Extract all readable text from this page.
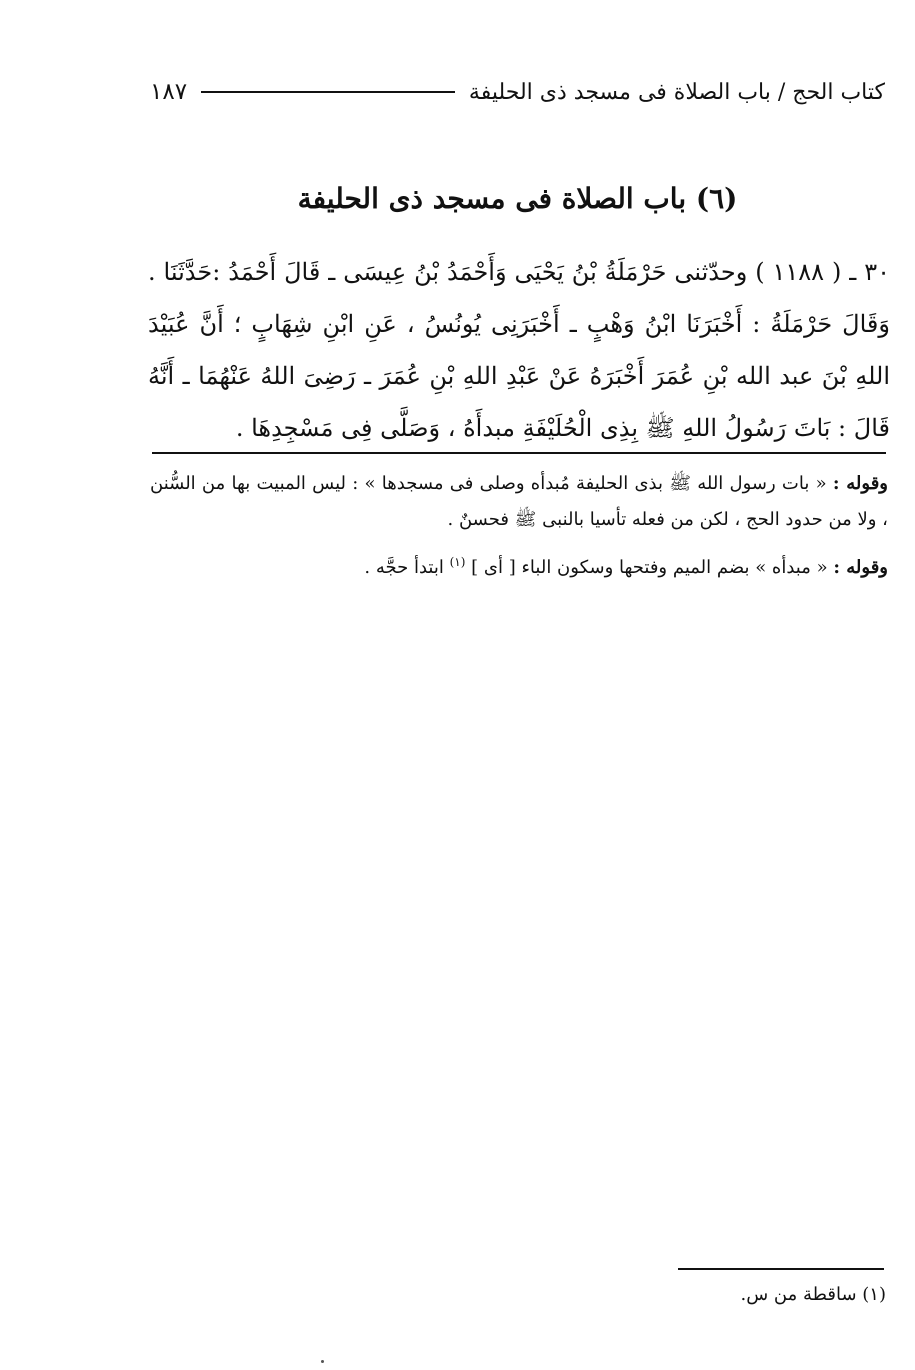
كتاب الحج / باب الصلاة فى مسجد ذى الحليفة
١٨٧
(٦) باب الصلاة فى مسجد ذى الحليفة

٣٠ ـ ( ١١٨٨ ) وحدّثنى حَرْمَلَةُ بْنُ يَحْيَى وَأَحْمَدُ بْنُ عِيسَى ـ قَالَ أَحْمَدُ :حَدَّثَنَا . وَقَالَ حَرْمَلَةُ : أَخْبَرَنَا ابْنُ وَهْبٍ ـ أَخْبَرَنِى يُونُسُ ، عَنِ ابْنِ شِهَابٍ ؛ أَنَّ عُبَيْدَ اللهِ بْنَ عبد الله بْنِ عُمَرَ أَخْبَرَهُ عَنْ عَبْدِ اللهِ بْنِ عُمَرَ ـ رَضِىَ اللهُ عَنْهُمَا ـ أَنَّهُ قَالَ : بَاتَ رَسُولُ اللهِ ﷺ بِذِى الْحُلَيْفَةِ مبدأَهُ ، وَصَلَّى فِى مَسْجِدِهَا .

وقوله : « بات رسول الله ﷺ بذى الحليفة مُبدأه وصلى فى مسجدها » : ليس المبيت بها من السُّنن ، ولا من حدود الحج ، لكن من فعله تأسيا بالنبى ﷺ فحسنٌ .

وقوله : « مبدأه » بضم الميم وفتحها وسكون الباء [ أى ] $^{(١)}$ ابتدأ حجَّه .

(١) ساقطة من س.
